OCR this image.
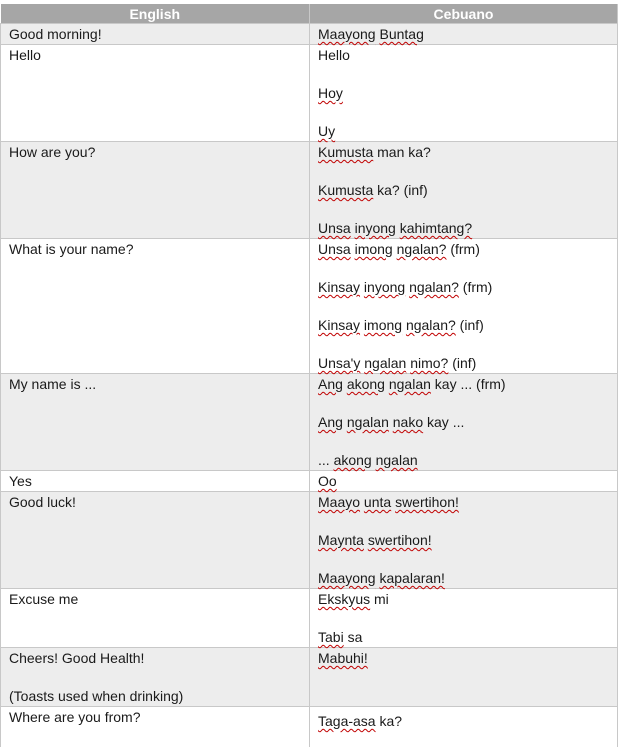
English	Cebuano

Good morning!	Maayong Buntag

Hello	Hello
Hoy
Uy

How are you?	Kumusta man ka?
Kumusta ka? (inf)
Unsa inyong kahimtang?

What is your name?	Unsa imong ngalan? (frm)
Kinsay inyong ngalan? (frm)
Kinsay imong ngalan? (inf)
Unsa'y ngalan nimo? (inf)

My name is ...	Ang akong ngalan kay ... (frm)
Ang ngalan nako kay ...
... akong ngalan

Yes	Oo

Good luck!	Maayo unta swertihon!
Maynta swertihon!
Maayong kapalaran!

Excuse me	Ekskyus mi
Tabi sa

Cheers! Good Health!
(Toasts used when drinking)	Mabuhi!

Where are you from?	Taga-asa ka?
